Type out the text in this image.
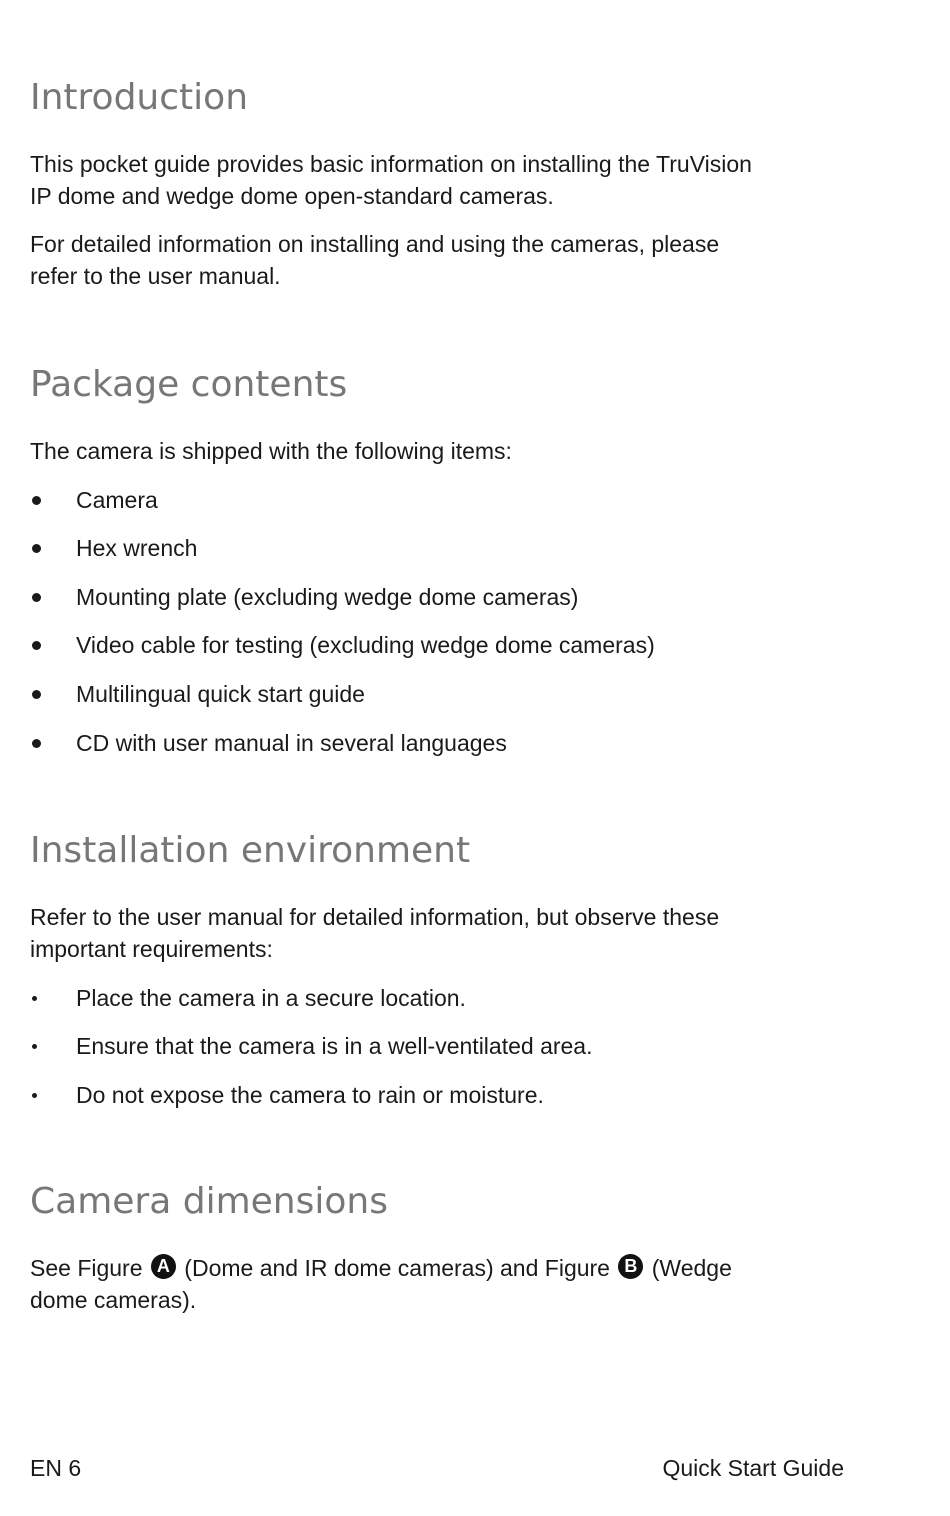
Introduction

This pocket guide provides basic information on installing the TruVision
IP dome and wedge dome open-standard cameras.

For detailed information on installing and using the cameras, please
refer to the user manual.

Package contents

The camera is shipped with the following items:

Camera
Hex wrench
Mounting plate (excluding wedge dome cameras)
Video cable for testing (excluding wedge dome cameras)
Multilingual quick start guide
CD with user manual in several languages
Installation environment

Refer to the user manual for detailed information, but observe these
important requirements:

Place the camera in a secure location.
Ensure that the camera is in a well-ventilated area.
Do not expose the camera to rain or moisture.
Camera dimensions

See Figure A (Dome and IR dome cameras) and Figure B (Wedge
dome cameras).

EN 6	Quick Start Guide
